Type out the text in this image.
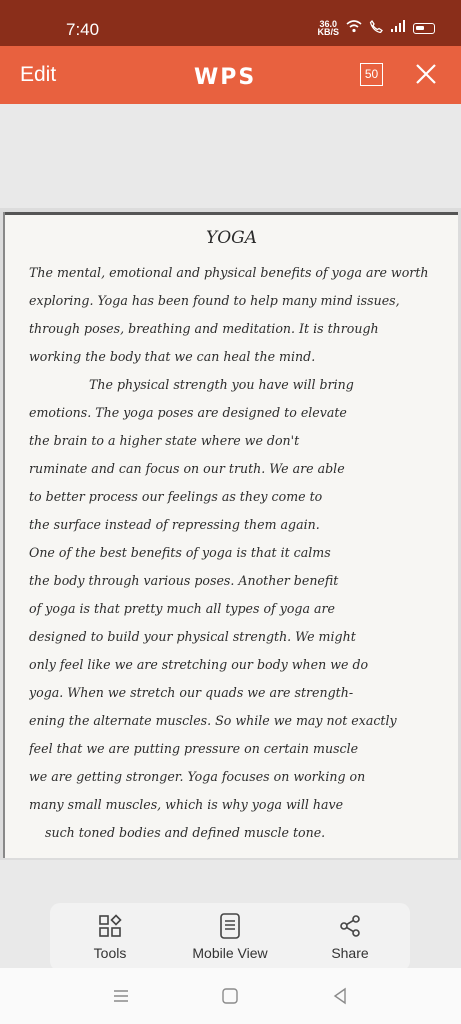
7:40	36.0
KB/S
Edit	WPS	50
YOGA
The mental, emotional and physical benefits of yoga are worth
exploring. Yoga has been found to help many mind issues,
through poses, breathing and meditation. It is through
working the body that we can heal the mind.
The physical strength you have will bring
emotions. The yoga poses are designed to elevate
the brain to a higher state where we don't
ruminate and can focus on our truth. We are able
to better process our feelings as they come to
the surface instead of repressing them again.
One of the best benefits of yoga is that it calms
the body through various poses. Another benefit
of yoga is that pretty much all types of yoga are
designed to build your physical strength. We might
only feel like we are stretching our body when we do
yoga. When we stretch our quads we are strength-
ening the alternate muscles. So while we may not exactly
feel that we are putting pressure on certain muscle
we are getting stronger. Yoga focuses on working on
many small muscles, which is why yoga will have
such toned bodies and defined muscle tone.
Tools	Mobile View	Share
